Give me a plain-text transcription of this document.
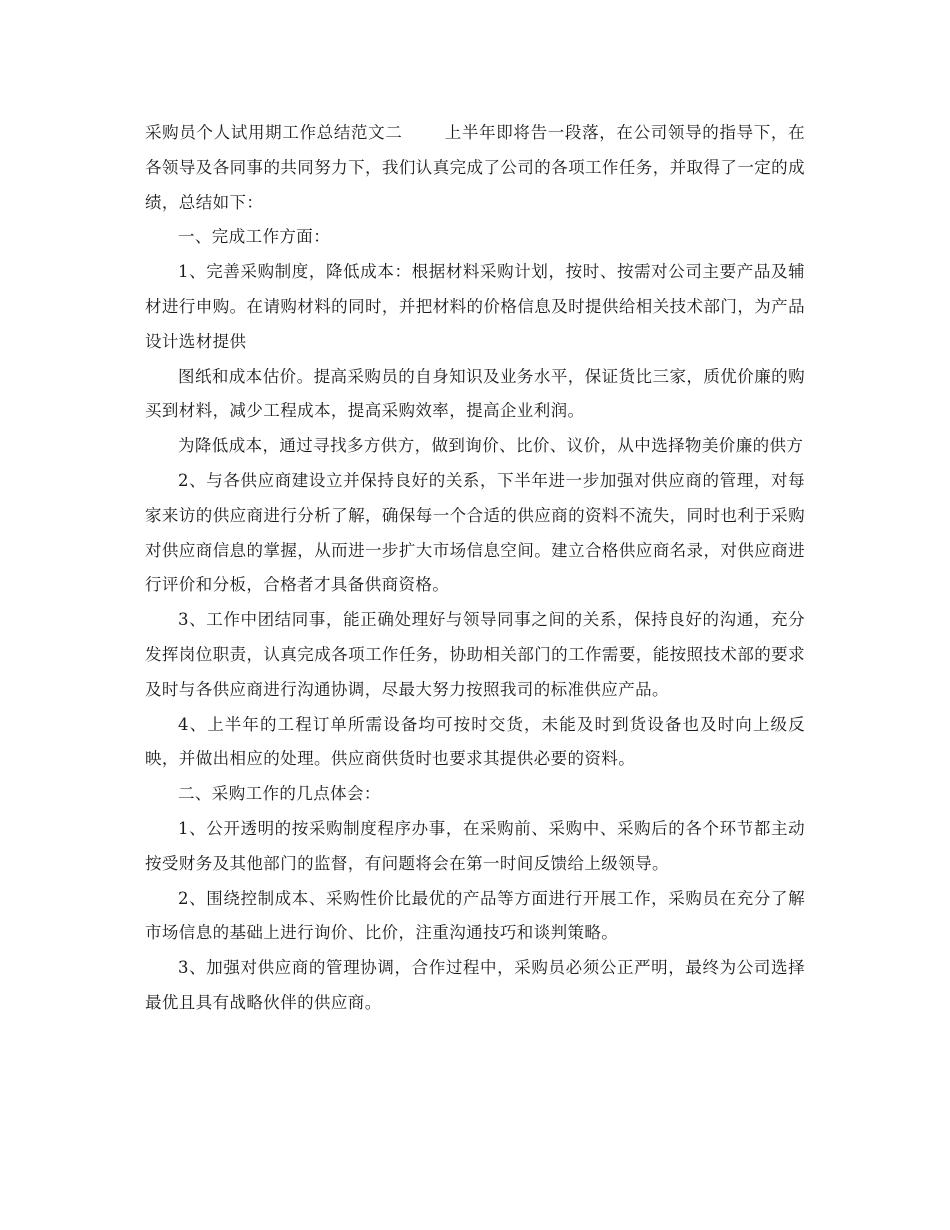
采购员个人试用期工作总结范文二	上半年即将告一段落，在公司领导的指导下，在各领导及各同事的共同努力下，我们认真完成了公司的各项工作任务，并取得了一定的成绩，总结如下：

一、完成工作方面：

1、完善采购制度，降低成本：根据材料采购计划，按时、按需对公司主要产品及辅材进行申购。在请购材料的同时，并把材料的价格信息及时提供给相关技术部门，为产品设计选材提供

图纸和成本估价。提高采购员的自身知识及业务水平，保证货比三家，质优价廉的购买到材料，减少工程成本，提高采购效率，提高企业利润。

为降低成本，通过寻找多方供方，做到询价、比价、议价，从中选择物美价廉的供方

2、与各供应商建设立并保持良好的关系，下半年进一步加强对供应商的管理，对每家来访的供应商进行分析了解，确保每一个合适的供应商的资料不流失，同时也利于采购对供应商信息的掌握，从而进一步扩大市场信息空间。建立合格供应商名录，对供应商进行评价和分板，合格者才具备供商资格。

3、工作中团结同事，能正确处理好与领导同事之间的关系，保持良好的沟通，充分发挥岗位职责，认真完成各项工作任务，协助相关部门的工作需要，能按照技术部的要求及时与各供应商进行沟通协调，尽最大努力按照我司的标准供应产品。

4、上半年的工程订单所需设备均可按时交货，未能及时到货设备也及时向上级反映，并做出相应的处理。供应商供货时也要求其提供必要的资料。

二、采购工作的几点体会：

1、公开透明的按采购制度程序办事，在采购前、采购中、采购后的各个环节都主动按受财务及其他部门的监督，有问题将会在第一时间反馈给上级领导。

2、围绕控制成本、采购性价比最优的产品等方面进行开展工作，采购员在充分了解市场信息的基础上进行询价、比价，注重沟通技巧和谈判策略。

3、加强对供应商的管理协调，合作过程中，采购员必须公正严明，最终为公司选择最优且具有战略伙伴的供应商。
